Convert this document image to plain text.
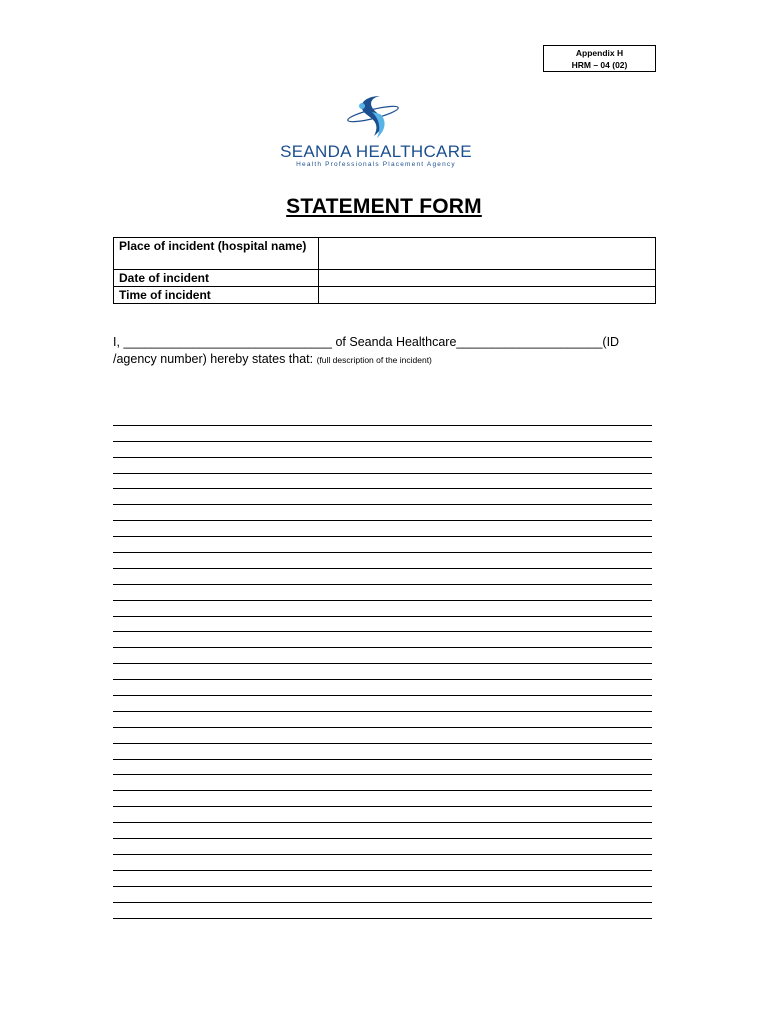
Appendix H
HRM – 04 (02)
SEANDA HEALTHCARE
Health Professionals Placement Agency
STATEMENT FORM
Place of incident (hospital name)	
Date of incident	
Time of incident	
I, ______________________________ of Seanda Healthcare_____________________(ID /agency number) hereby states that: (full description of the incident)
